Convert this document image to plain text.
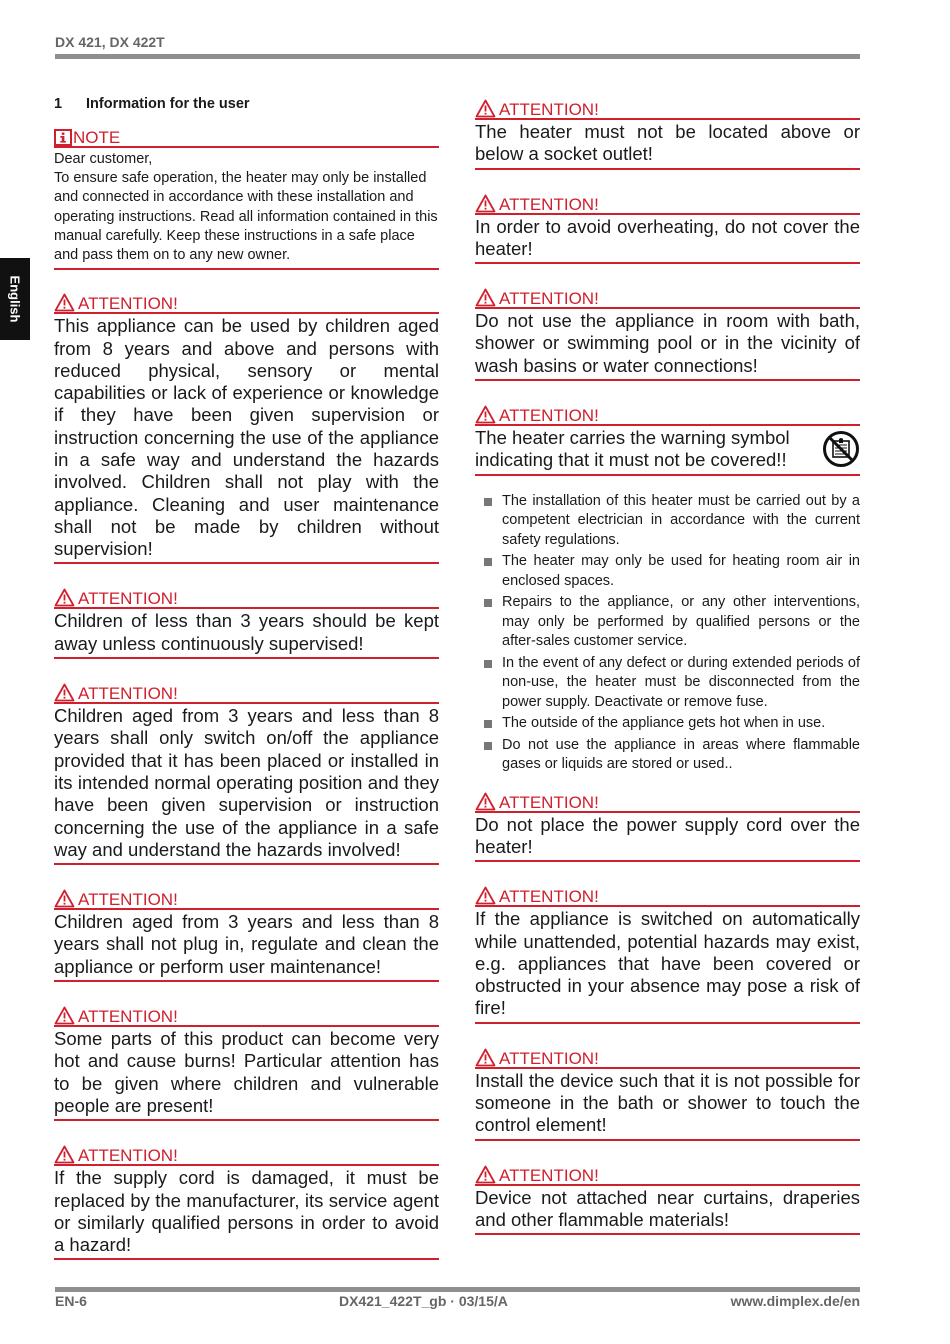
DX 421, DX 422T
English
1 Information for the user
NOTE
Dear customer,
To ensure safe operation, the heater may only be installed and connected in accordance with these installation and operating instructions. Read all information contained in this manual carefully. Keep these instructions in a safe place and pass them on to any new owner.
ATTENTION!
This appliance can be used by children aged from 8 years and above and persons with reduced physical, sensory or mental capabilities or lack of experience or knowledge if they have been given supervision or instruction concerning the use of the appliance in a safe way and understand the hazards involved. Children shall not play with the appliance. Cleaning and user maintenance shall not be made by children without supervision!
ATTENTION!
Children of less than 3 years should be kept away unless continuously supervised!
ATTENTION!
Children aged from 3 years and less than 8 years shall only switch on/off the appliance provided that it has been placed or installed in its intended normal operating position and they have been given supervision or instruction concerning the use of the appliance in a safe way and understand the hazards involved!
ATTENTION!
Children aged from 3 years and less than 8 years shall not plug in, regulate and clean the appliance or perform user maintenance!
ATTENTION!
Some parts of this product can become very hot and cause burns! Particular attention has to be given where children and vulnerable people are present!
ATTENTION!
If the supply cord is damaged, it must be replaced by the manufacturer, its service agent or similarly qualified persons in order to avoid a hazard!
ATTENTION!
The heater must not be located above or below a socket outlet!
ATTENTION!
In order to avoid overheating, do not cover the heater!
ATTENTION!
Do not use the appliance in room with bath, shower or swimming pool or in the vicinity of wash basins or water connections!
ATTENTION!
The heater carries the warning symbol indicating that it must not be covered!!
The installation of this heater must be carried out by a competent electrician in accordance with the current safety regulations.
The heater may only be used for heating room air in enclosed spaces.
Repairs to the appliance, or any other interventions, may only be performed by qualified persons or the after-sales customer service.
In the event of any defect or during extended periods of non-use, the heater must be disconnected from the power supply. Deactivate or remove fuse.
The outside of the appliance gets hot when in use.
Do not use the appliance in areas where flammable gases or liquids are stored or used..
ATTENTION!
Do not place the power supply cord over the heater!
ATTENTION!
If the appliance is switched on automatically while unattended, potential hazards may exist, e.g. appliances that have been covered or obstructed in your absence may pose a risk of fire!
ATTENTION!
Install the device such that it is not possible for someone in the bath or shower to touch the control element!
ATTENTION!
Device not attached near curtains, draperies and other flammable materials!
EN-6	DX421_422T_gb · 03/15/A	www.dimplex.de/en
